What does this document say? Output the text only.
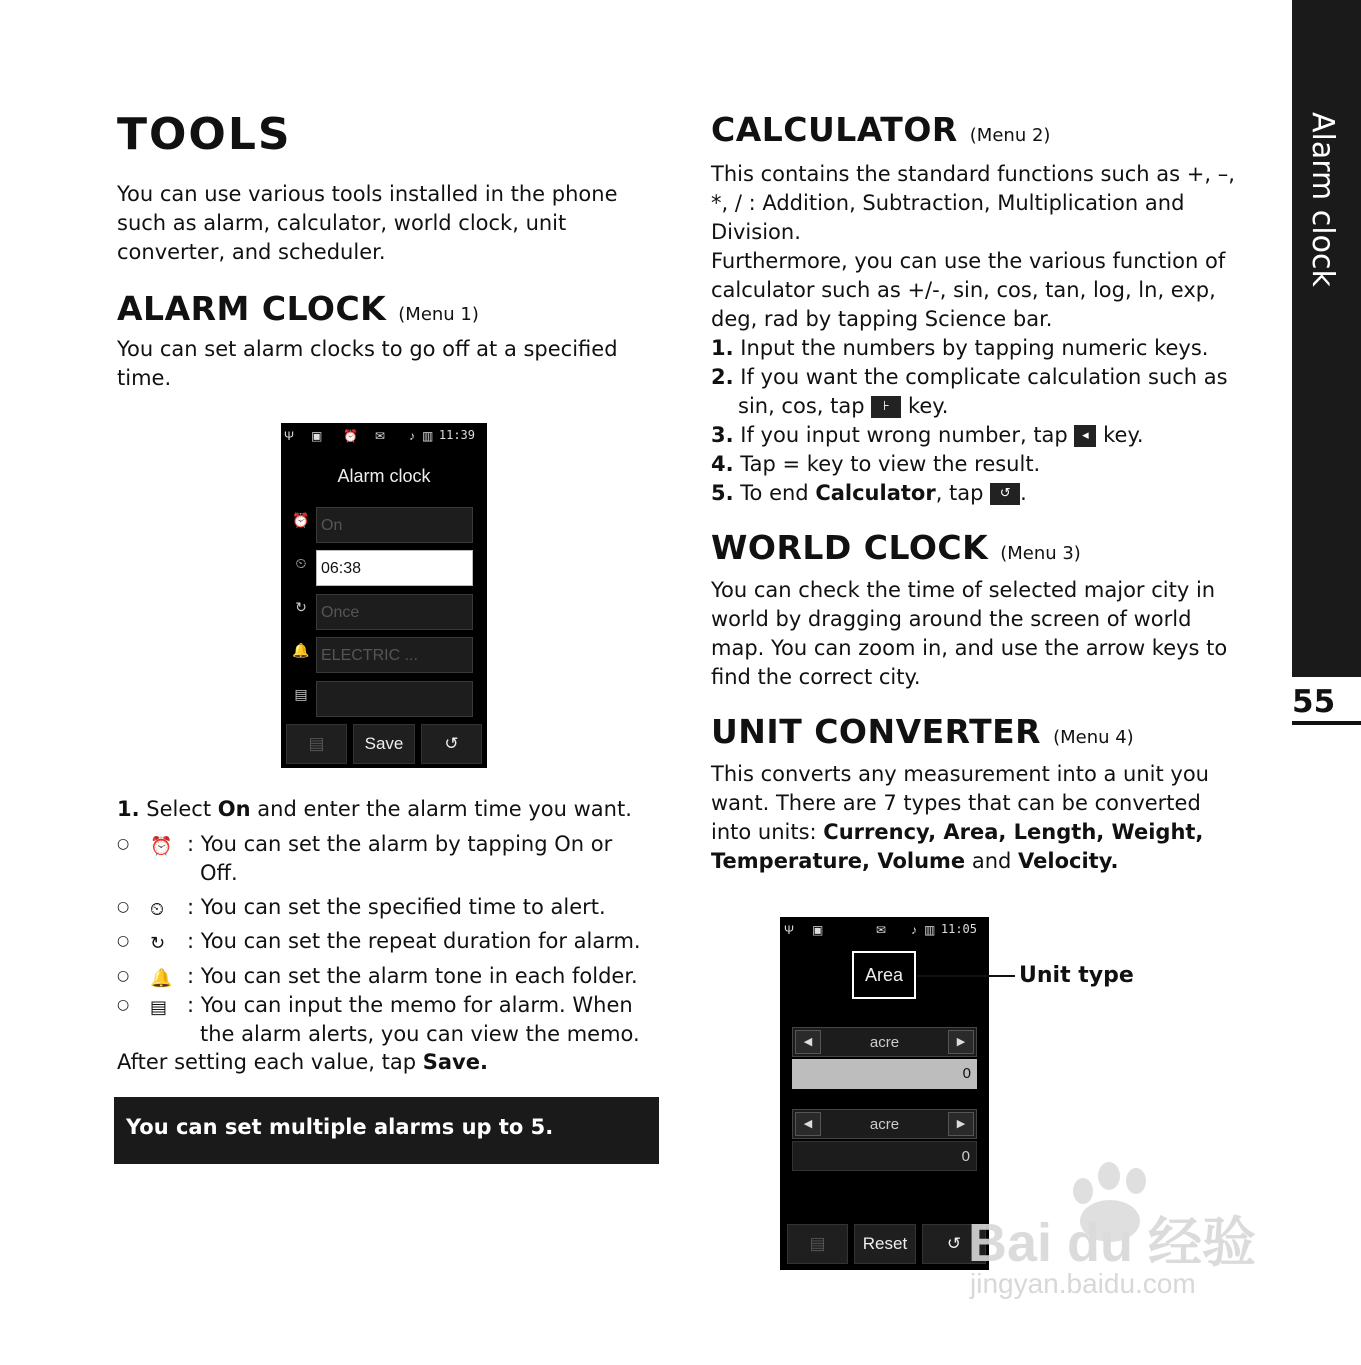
TOOLS
You can use various tools installed in the phone such as alarm, calculator, world clock, unit converter, and scheduler.
ALARM CLOCK (Menu 1)
You can set alarm clocks to go off at a specified time.
Ψ ▣ ⏰ ✉ ♪ ▥ 11:39
Alarm clock
⏰ On
⏲ 06:38
↻ Once
🔔 ELECTRIC ...
▤
▤	Save	↺
1. Select On and enter the alarm time you want.
○ ⏰ : You can set the alarm by tapping On or
Off.
○ ⏲ : You can set the specified time to alert.
○ ↻ : You can set the repeat duration for alarm.
○ 🔔 : You can set the alarm tone in each folder.
○ ▤ : You can input the memo for alarm. When
the alarm alerts, you can view the memo.
After setting each value, tap Save.
You can set multiple alarms up to 5.
CALCULATOR (Menu 2)
This contains the standard functions such as +, –,
*, / : Addition, Subtraction, Multiplication and
Division.
Furthermore, you can use the various function of
calculator such as +/-, sin, cos, tan, log, ln, exp,
deg, rad by tapping Science bar.
1. Input the numbers by tapping numeric keys.
2. If you want the complicate calculation such as
sin, cos, tap ⊦ key.
3. If you input wrong number, tap ◂ key.
4. Tap = key to view the result.
5. To end Calculator, tap ↺ .
WORLD CLOCK (Menu 3)
You can check the time of selected major city in world by dragging around the screen of world map. You can zoom in, and use the arrow keys to find the correct city.
UNIT CONVERTER (Menu 4)
This converts any measurement into a unit you want. There are 7 types that can be converted into units: Currency, Area, Length, Weight, Temperature, Volume and Velocity.
Ψ ▣	✉ ♪ ▥ 11:05
Area
◀	acre	▶
0
◀	acre	▶
0
▤	Reset	↺
Unit type
Alarm clock
55
Bai du 经验
jingyan.baidu.com
